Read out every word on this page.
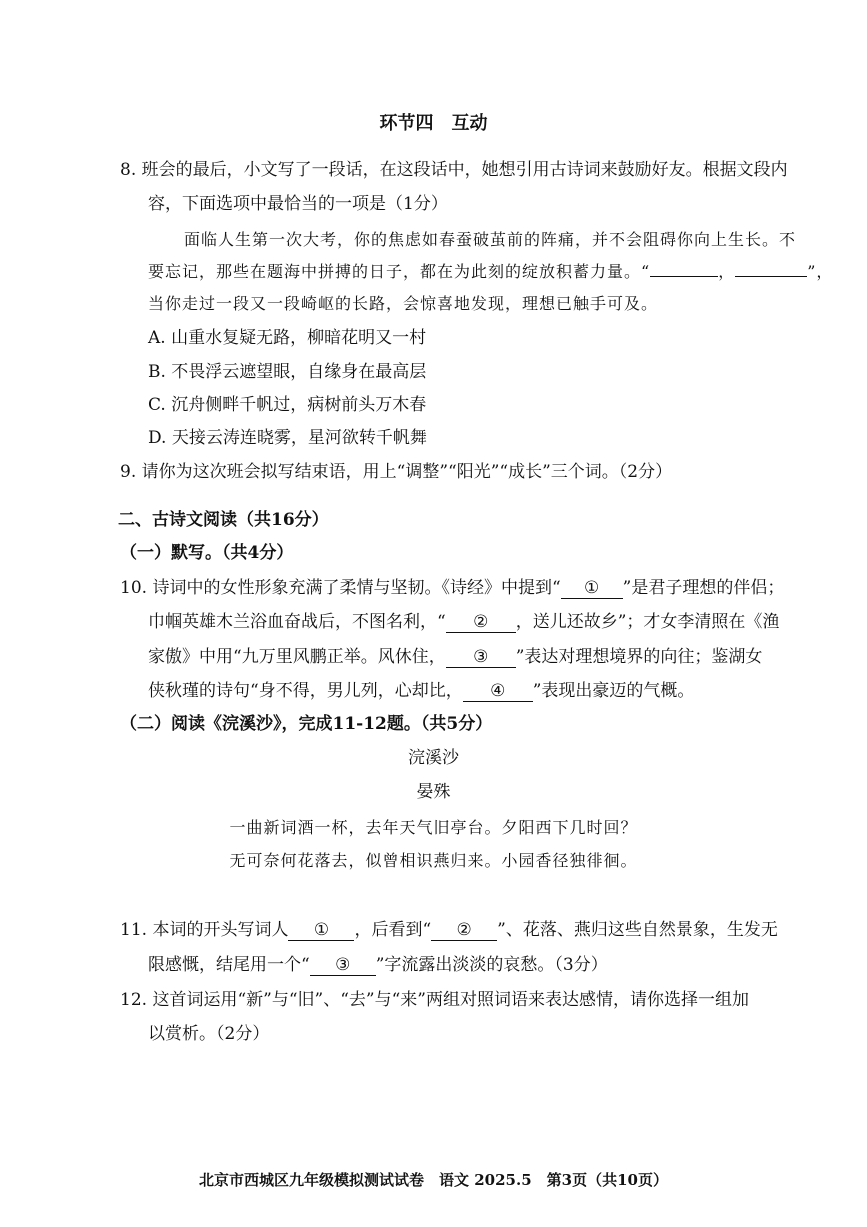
环节四　互动
8. 班会的最后，小文写了一段话，在这段话中，她想引用古诗词来鼓励好友。根据文段内
容，下面选项中最恰当的一项是（1分）
面临人生第一次大考，你的焦虑如春蚕破茧前的阵痛，并不会阻碍你向上生长。不
要忘记，那些在题海中拼搏的日子，都在为此刻的绽放积蓄力量。“	，	”，
当你走过一段又一段崎岖的长路，会惊喜地发现，理想已触手可及。
A. 山重水复疑无路，柳暗花明又一村
B. 不畏浮云遮望眼，自缘身在最高层
C. 沉舟侧畔千帆过，病树前头万木春
D. 天接云涛连晓雾，星河欲转千帆舞
9. 请你为这次班会拟写结束语，用上“调整”“阳光”“成长”三个词。（2分）
二、古诗文阅读（共16分）
（一）默写。（共4分）
10. 诗词中的女性形象充满了柔情与坚韧。《诗经》中提到“ ① ”是君子理想的伴侣；
巾帼英雄木兰浴血奋战后，不图名利，“ ② ，送儿还故乡”；才女李清照在《渔
家傲》中用“九万里风鹏正举。风休住， ③ ”表达对理想境界的向往；鉴湖女
侠秋瑾的诗句“身不得，男儿列，心却比， ④ ”表现出豪迈的气概。
（二）阅读《浣溪沙》，完成11-12题。（共5分）
浣溪沙
晏殊
一曲新词酒一杯，去年天气旧亭台。夕阳西下几时回？
无可奈何花落去，似曾相识燕归来。小园香径独徘徊。
11. 本词的开头写词人 ① ，后看到“ ② ”、花落、燕归这些自然景象，生发无
限感慨，结尾用一个“ ③ ”字流露出淡淡的哀愁。（3分）
12. 这首词运用“新”与“旧”、“去”与“来”两组对照词语来表达感情，请你选择一组加
以赏析。（2分）
北京市西城区九年级模拟测试试卷　语文 2025.5　第3页（共10页）
